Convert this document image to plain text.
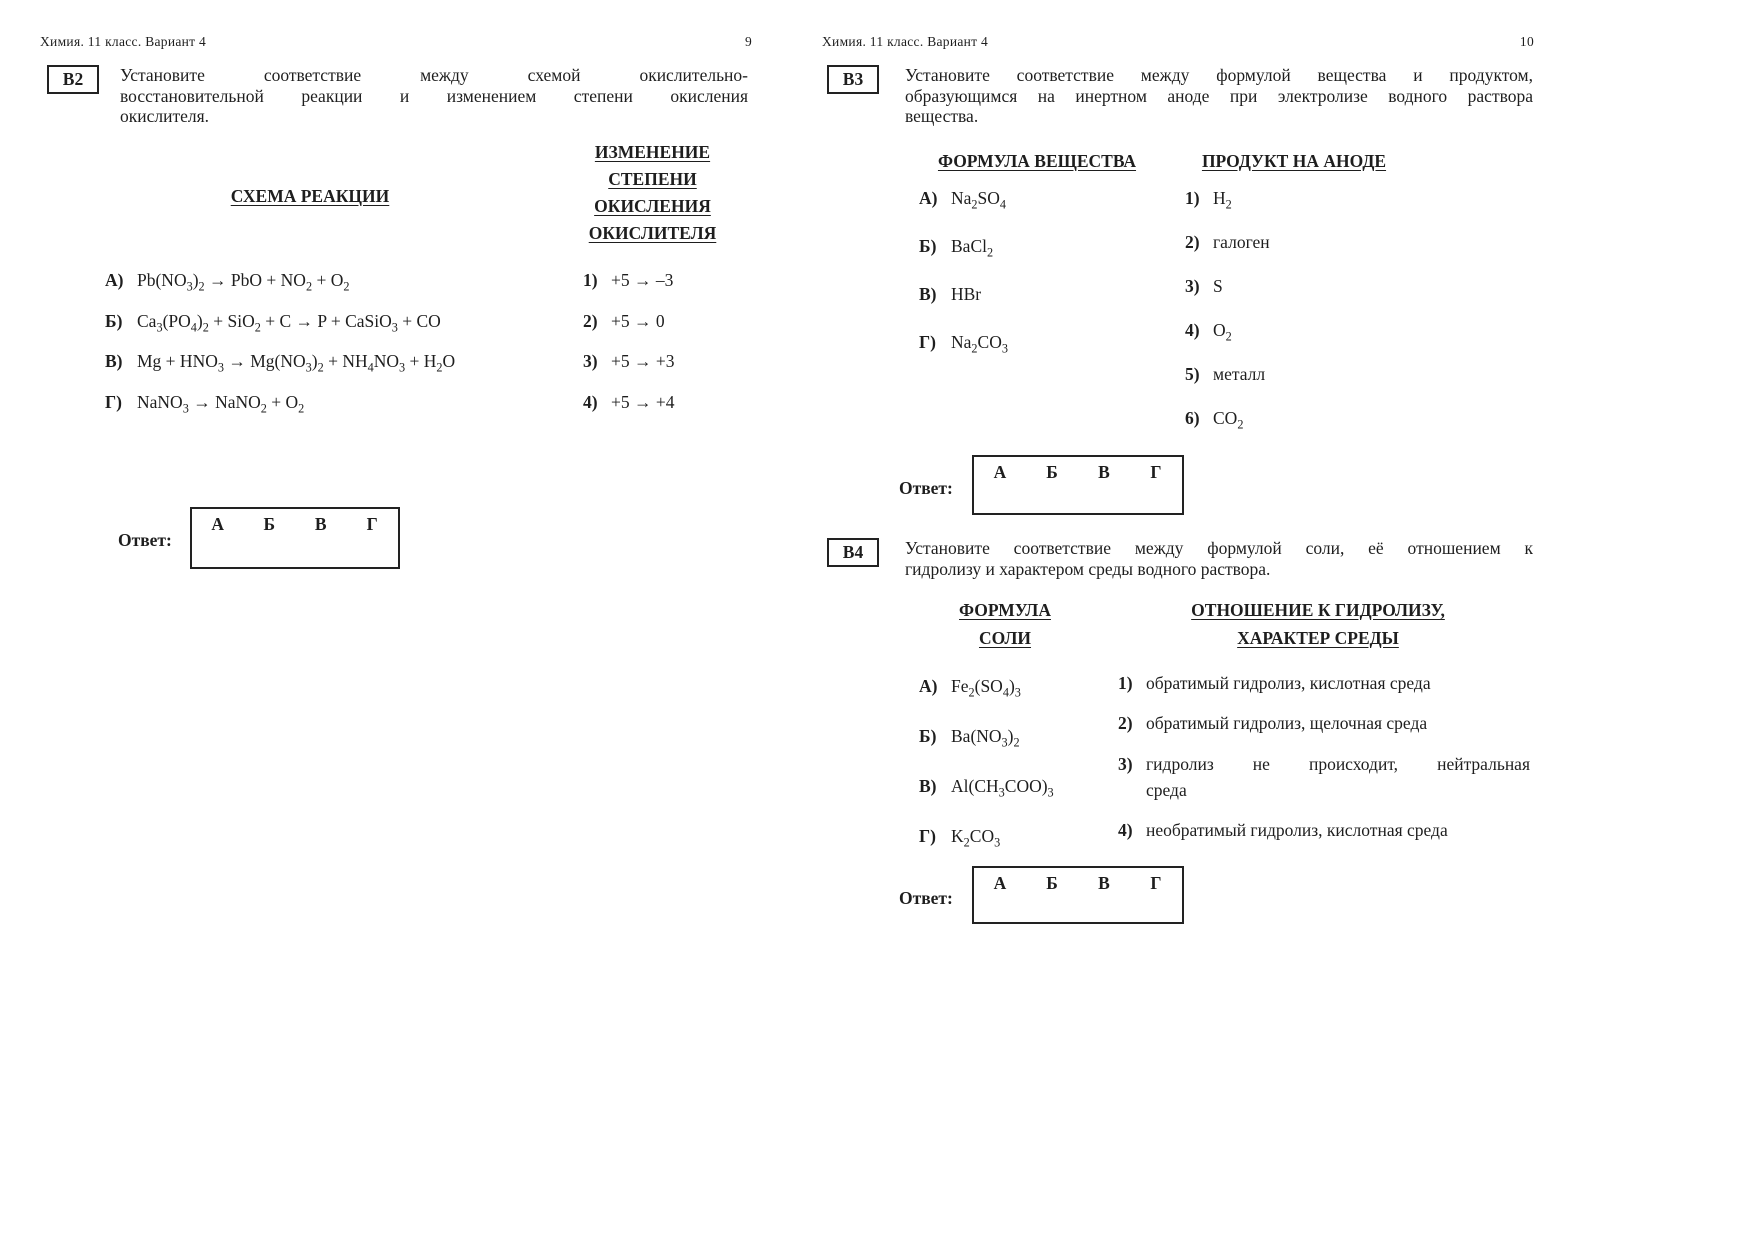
Химия. 11 класс. Вариант 4	9
В2	Установите соответствие между схемой окислительно-
восстановительной реакции и изменением степени окисления
окислителя.
СХЕМА РЕАКЦИИ
ИЗМЕНЕНИЕ
СТЕПЕНИ
ОКИСЛЕНИЯ
ОКИСЛИТЕЛЯ
А) $Pb(NO_3)_2$ → PbO + $NO_2 + O_2$
Б) $Ca_3(PO_4)_2 + SiO_2 + C \to P$ + CaSiO$_3$ + CO
В) $Mg + HNO_3 \to Mg(NO_3)_2 + NH_4NO_3 + H_2O$
Г) NaNO$_3$ → NaNO$_2$ + $O_2$
1) +5 → –3
2) +5 → 0
3) +5 → +3
4) +5 → +4
Ответ:
А	Б	В	Г
Химия. 11 класс. Вариант 4	10
В3	Установите соответствие между формулой вещества и продуктом,
образующимся на инертном аноде при электролизе водного раствора
вещества.
ФОРМУЛА ВЕЩЕСТВА	ПРОДУКТ НА АНОДЕ
А) $Na_2SO_4$
Б) BaCl$_2$
В) HBr
Г) $Na_2CO_3$
1) $H_2$
2) галоген
3) S
4) $O_2$
5) металл
6) $CO_2$
Ответ:
А	Б	В	Г
В4	Установите соответствие между формулой соли, её отношением к
гидролизу и характером среды водного раствора.
ФОРМУЛА
СОЛИ
ОТНОШЕНИЕ К ГИДРОЛИЗУ,
ХАРАКТЕР СРЕДЫ
А) $Fe_2(SO_4)_3$
Б) $Ba(NO_3)_2$
В) $Al(CH_3COO)_3$
Г) $K_2CO_3$
1) обратимый гидролиз, кислотная среда
2) обратимый гидролиз, щелочная среда
3) гидролиз не происходит, нейтральная
среда
4) необратимый гидролиз, кислотная среда
Ответ:
А	Б	В	Г
